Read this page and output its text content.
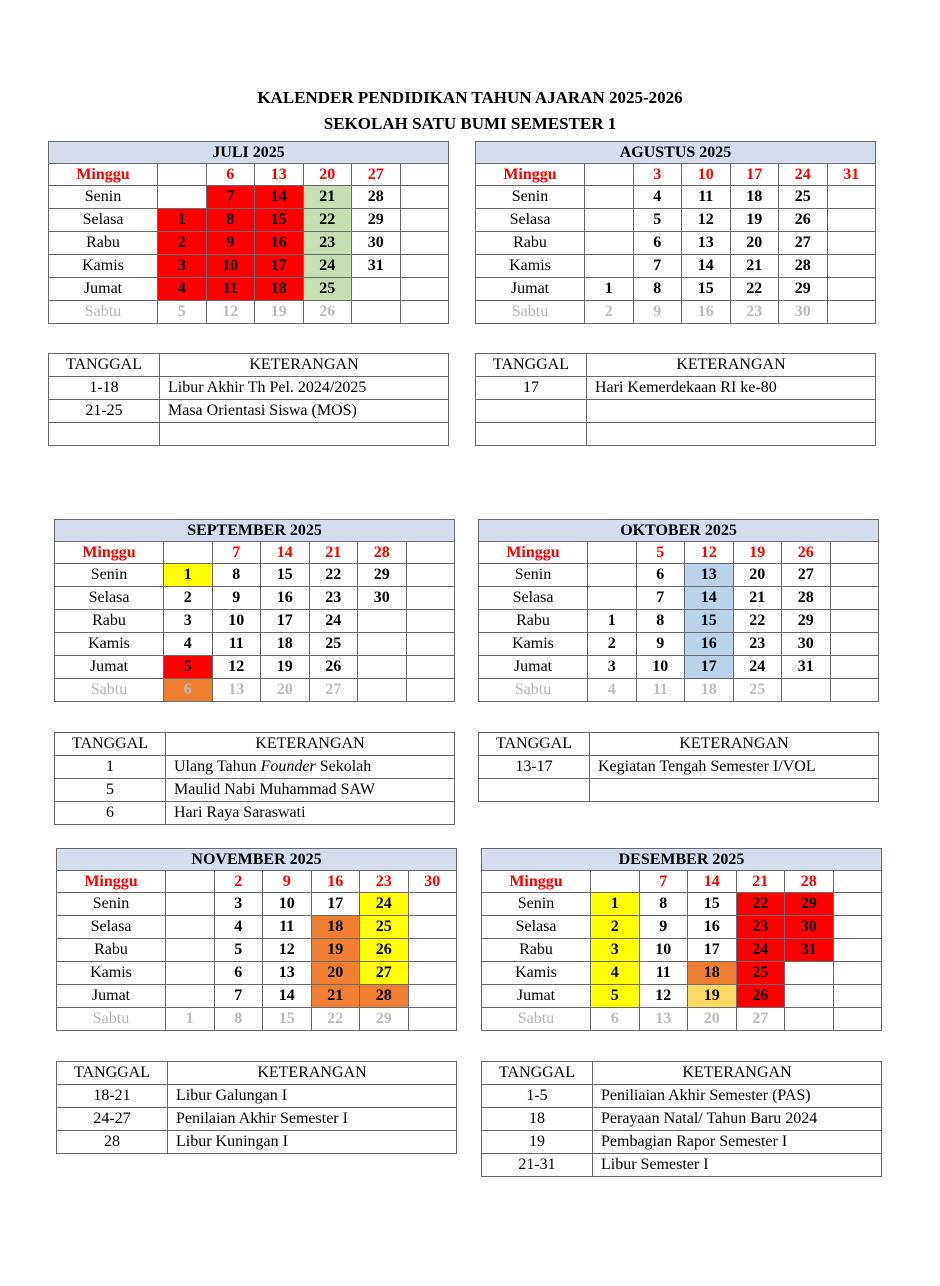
KALENDER PENDIDIKAN TAHUN AJARAN 2025-2026
SEKOLAH SATU BUMI SEMESTER 1
JULI 2025						
Minggu		6	13	20	27	
Senin		7	14	21	28	
Selasa	1	8	15	22	29	
Rabu	2	9	16	23	30	
Kamis	3	10	17	24	31	
Jumat	4	11	18	25		
Sabtu	5	12	19	26		
TANGGAL	KETERANGAN
1-18	Libur Akhir Th Pel. 2024/2025
21-25	Masa Orientasi Siswa (MOS)

AGUSTUS 2025						
Minggu		3	10	17	24	31
Senin		4	11	18	25	
Selasa		5	12	19	26	
Rabu		6	13	20	27	
Kamis		7	14	21	28	
Jumat	1	8	15	22	29	
Sabtu	2	9	16	23	30	
TANGGAL	KETERANGAN
17	Hari Kemerdekaan RI ke-80

SEPTEMBER 2025						
Minggu		7	14	21	28	
Senin	1	8	15	22	29	
Selasa	2	9	16	23	30	
Rabu	3	10	17	24		
Kamis	4	11	18	25		
Jumat	5	12	19	26		
Sabtu	6	13	20	27		
TANGGAL	KETERANGAN
1	Ulang Tahun Founder Sekolah
5	Maulid Nabi Muhammad SAW
6	Hari Raya Saraswati
OKTOBER 2025						
Minggu		5	12	19	26	
Senin		6	13	20	27	
Selasa		7	14	21	28	
Rabu	1	8	15	22	29	
Kamis	2	9	16	23	30	
Jumat	3	10	17	24	31	
Sabtu	4	11	18	25		
TANGGAL	KETERANGAN
13-17	Kegiatan Tengah Semester I/VOL

NOVEMBER 2025						
Minggu		2	9	16	23	30
Senin		3	10	17	24	
Selasa		4	11	18	25	
Rabu		5	12	19	26	
Kamis		6	13	20	27	
Jumat		7	14	21	28	
Sabtu	1	8	15	22	29	
TANGGAL	KETERANGAN
18-21	Libur Galungan I
24-27	Penilaian Akhir Semester I
28	Libur Kuningan I
DESEMBER 2025						
Minggu		7	14	21	28	
Senin	1	8	15	22	29	
Selasa	2	9	16	23	30	
Rabu	3	10	17	24	31	
Kamis	4	11	18	25		
Jumat	5	12	19	26		
Sabtu	6	13	20	27		
TANGGAL	KETERANGAN
1-5	Peniliaian Akhir Semester (PAS)
18	Perayaan Natal/ Tahun Baru 2024
19	Pembagian Rapor Semester I
21-31	Libur Semester I
